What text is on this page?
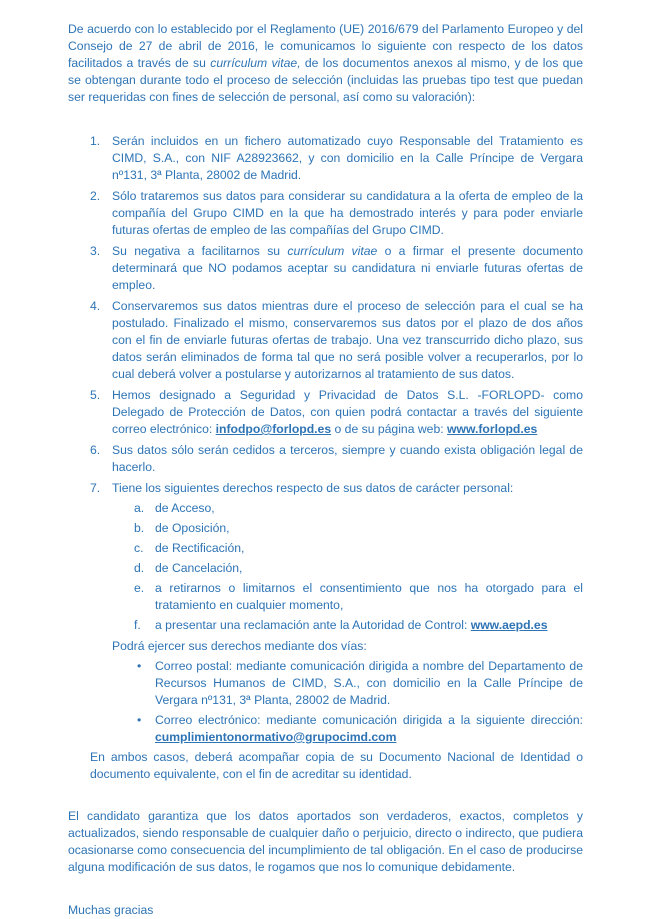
De acuerdo con lo establecido por el Reglamento (UE) 2016/679 del Parlamento Europeo y del Consejo de 27 de abril de 2016, le comunicamos lo siguiente con respecto de los datos facilitados a través de su currículum vitae, de los documentos anexos al mismo, y de los que se obtengan durante todo el proceso de selección (incluidas las pruebas tipo test que puedan ser requeridas con fines de selección de personal, así como su valoración):

1. Serán incluidos en un fichero automatizado cuyo Responsable del Tratamiento es CIMD, S.A., con NIF A28923662, y con domicilio en la Calle Príncipe de Vergara nº131, 3ª Planta, 28002 de Madrid.
2. Sólo trataremos sus datos para considerar su candidatura a la oferta de empleo de la compañía del Grupo CIMD en la que ha demostrado interés y para poder enviarle futuras ofertas de empleo de las compañías del Grupo CIMD.
3. Su negativa a facilitarnos su currículum vitae o a firmar el presente documento determinará que NO podamos aceptar su candidatura ni enviarle futuras ofertas de empleo.
4. Conservaremos sus datos mientras dure el proceso de selección para el cual se ha postulado. Finalizado el mismo, conservaremos sus datos por el plazo de dos años con el fin de enviarle futuras ofertas de trabajo. Una vez transcurrido dicho plazo, sus datos serán eliminados de forma tal que no será posible volver a recuperarlos, por lo cual deberá volver a postularse y autorizarnos al tratamiento de sus datos.
5. Hemos designado a Seguridad y Privacidad de Datos S.L. -FORLOPD- como Delegado de Protección de Datos, con quien podrá contactar a través del siguiente correo electrónico: infodpo@forlopd.es o de su página web: www.forlopd.es
6. Sus datos sólo serán cedidos a terceros, siempre y cuando exista obligación legal de hacerlo.
7. Tiene los siguientes derechos respecto de sus datos de carácter personal:
a. de Acceso,
b. de Oposición,
c. de Rectificación,
d. de Cancelación,
e. a retirarnos o limitarnos el consentimiento que nos ha otorgado para el tratamiento en cualquier momento,
f. a presentar una reclamación ante la Autoridad de Control: www.aepd.es

Podrá ejercer sus derechos mediante dos vías:

• Correo postal: mediante comunicación dirigida a nombre del Departamento de Recursos Humanos de CIMD, S.A., con domicilio en la Calle Príncipe de Vergara nº131, 3ª Planta, 28002 de Madrid.
• Correo electrónico: mediante comunicación dirigida a la siguiente dirección: cumplimientonormativo@grupocimd.com

En ambos casos, deberá acompañar copia de su Documento Nacional de Identidad o documento equivalente, con el fin de acreditar su identidad.

El candidato garantiza que los datos aportados son verdaderos, exactos, completos y actualizados, siendo responsable de cualquier daño o perjuicio, directo o indirecto, que pudiera ocasionarse como consecuencia del incumplimiento de tal obligación. En el caso de producirse alguna modificación de sus datos, le rogamos que nos lo comunique debidamente.

Muchas gracias
